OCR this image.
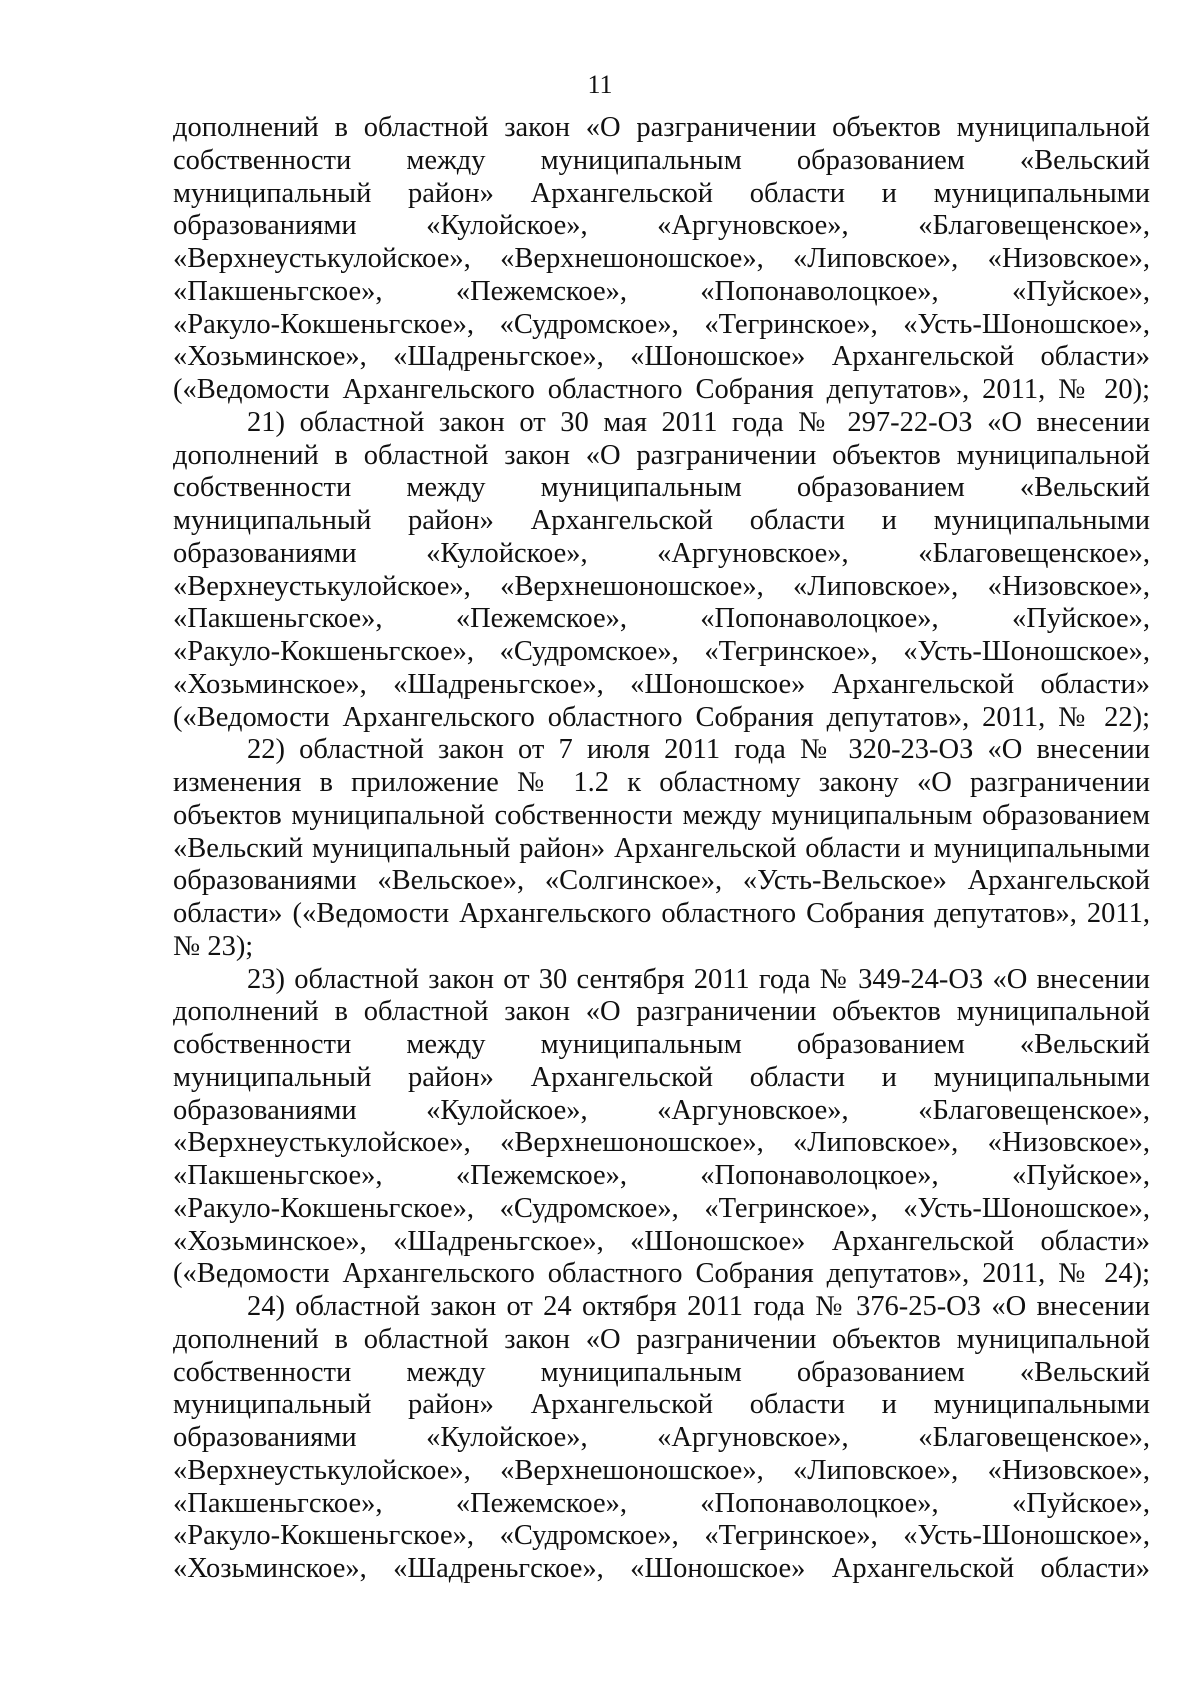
11
дополнений в областной закон «О разграничении объектов муниципальной
собственности между муниципальным образованием «Вельский
муниципальный район» Архангельской области и муниципальными
образованиями «Кулойское», «Аргуновское», «Благовещенское»,
«Верхнеустькулойское», «Верхнешоношское», «Липовское», «Низовское»,
«Пакшеньгское», «Пежемское», «Попонаволоцкое», «Пуйское»,
«Ракуло-Кокшеньгское», «Судромское», «Тегринское», «Усть-Шоношское»,
«Хозьминское», «Шадреньгское», «Шоношское» Архангельской области»
(«Ведомости Архангельского областного Собрания депутатов», 2011, № 20);
21) областной закон от 30 мая 2011 года № 297-22-ОЗ «О внесении
дополнений в областной закон «О разграничении объектов муниципальной
собственности между муниципальным образованием «Вельский
муниципальный район» Архангельской области и муниципальными
образованиями «Кулойское», «Аргуновское», «Благовещенское»,
«Верхнеустькулойское», «Верхнешоношское», «Липовское», «Низовское»,
«Пакшеньгское», «Пежемское», «Попонаволоцкое», «Пуйское»,
«Ракуло-Кокшеньгское», «Судромское», «Тегринское», «Усть-Шоношское»,
«Хозьминское», «Шадреньгское», «Шоношское» Архангельской области»
(«Ведомости Архангельского областного Собрания депутатов», 2011, № 22);
22) областной закон от 7 июля 2011 года № 320-23-ОЗ «О внесении
изменения в приложение № 1.2 к областному закону «О разграничении
объектов муниципальной собственности между муниципальным образованием
«Вельский муниципальный район» Архангельской области и муниципальными
образованиями «Вельское», «Солгинское», «Усть-Вельское» Архангельской
области» («Ведомости Архангельского областного Собрания депутатов», 2011,
№ 23);
23) областной закон от 30 сентября 2011 года № 349-24-ОЗ «О внесении
дополнений в областной закон «О разграничении объектов муниципальной
собственности между муниципальным образованием «Вельский
муниципальный район» Архангельской области и муниципальными
образованиями «Кулойское», «Аргуновское», «Благовещенское»,
«Верхнеустькулойское», «Верхнешоношское», «Липовское», «Низовское»,
«Пакшеньгское», «Пежемское», «Попонаволоцкое», «Пуйское»,
«Ракуло-Кокшеньгское», «Судромское», «Тегринское», «Усть-Шоношское»,
«Хозьминское», «Шадреньгское», «Шоношское» Архангельской области»
(«Ведомости Архангельского областного Собрания депутатов», 2011, № 24);
24) областной закон от 24 октября 2011 года № 376-25-ОЗ «О внесении
дополнений в областной закон «О разграничении объектов муниципальной
собственности между муниципальным образованием «Вельский
муниципальный район» Архангельской области и муниципальными
образованиями «Кулойское», «Аргуновское», «Благовещенское»,
«Верхнеустькулойское», «Верхнешоношское», «Липовское», «Низовское»,
«Пакшеньгское», «Пежемское», «Попонаволоцкое», «Пуйское»,
«Ракуло-Кокшеньгское», «Судромское», «Тегринское», «Усть-Шоношское»,
«Хозьминское», «Шадреньгское», «Шоношское» Архангельской области»
